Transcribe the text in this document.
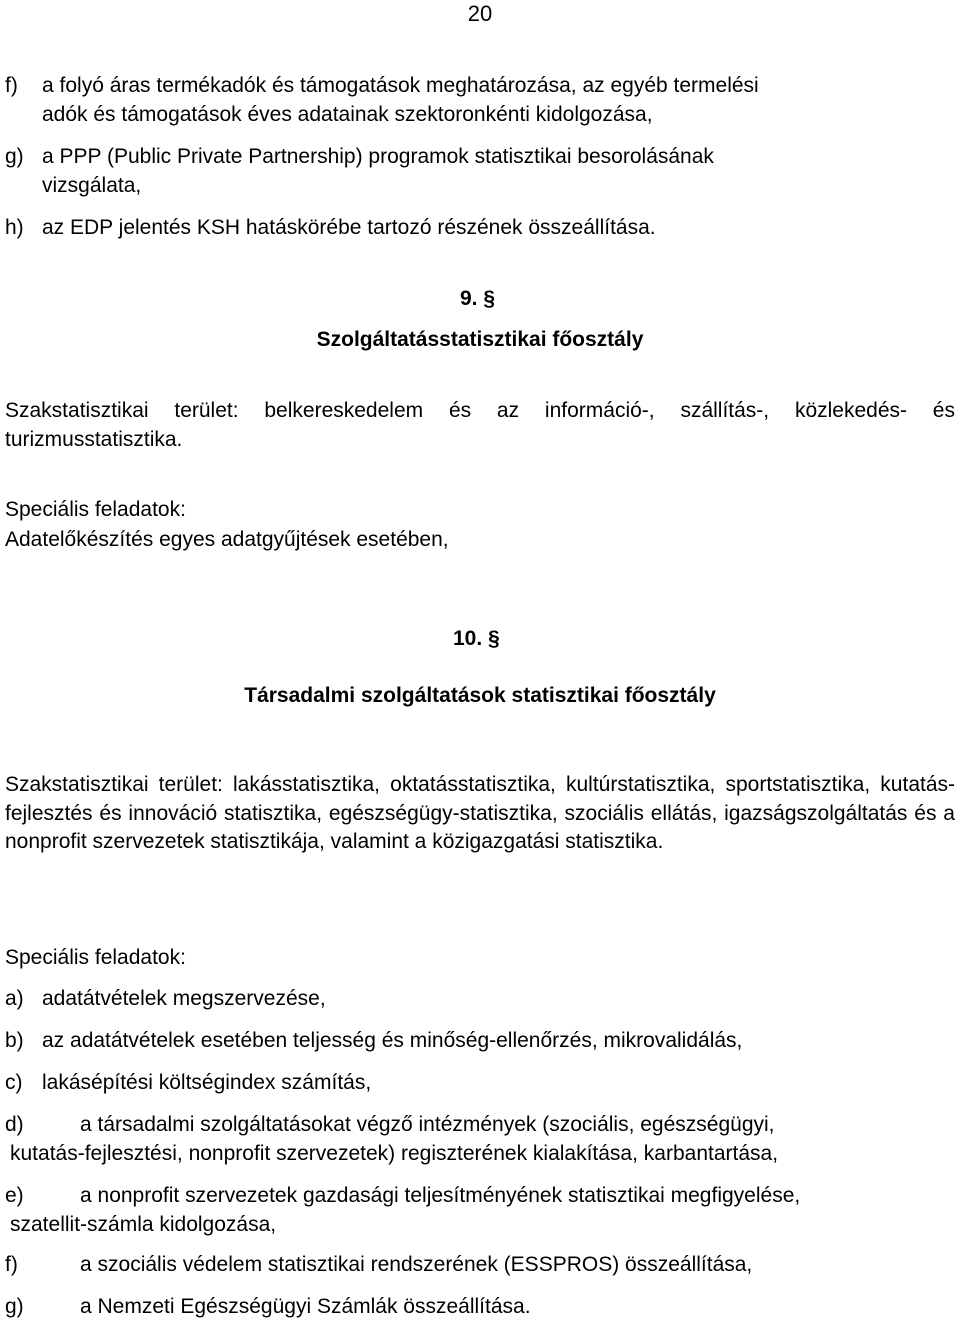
20
f) a folyó áras termékadók és támogatások meghatározása, az egyéb termelési
adók és támogatások éves adatainak szektoronkénti kidolgozása,
g) a PPP (Public Private Partnership) programok statisztikai besorolásának
vizsgálata,
h) az EDP jelentés KSH hatáskörébe tartozó részének összeállítása.
9. §
Szolgáltatásstatisztikai főosztály
Szakstatisztikai terület: belkereskedelem és az információ-, szállítás-, közlekedés- és turizmusstatisztika.
Speciális feladatok:
Adatelőkészítés egyes adatgyűjtések esetében,
10. §
Társadalmi szolgáltatások statisztikai főosztály
Szakstatisztikai terület: lakásstatisztika, oktatásstatisztika, kultúrstatisztika, sportstatisztika, kutatás-fejlesztés és innováció statisztika, egészségügy-statisztika, szociális ellátás, igazságszolgáltatás és a nonprofit szervezetek statisztikája, valamint a közigazgatási statisztika.
Speciális feladatok:
a) adatátvételek megszervezése,
b) az adatátvételek esetében teljesség és minőség-ellenőrzés, mikrovalidálás,
c) lakásépítési költségindex számítás,
d)	a társadalmi szolgáltatásokat végző intézmények (szociális, egészségügyi,
kutatás-fejlesztési, nonprofit szervezetek) regiszterének kialakítása, karbantartása,
e)	a nonprofit szervezetek gazdasági teljesítményének statisztikai megfigyelése,
szatellit-számla kidolgozása,
f)	a szociális védelem statisztikai rendszerének (ESSPROS) összeállítása,
g)	a Nemzeti Egészségügyi Számlák összeállítása.
